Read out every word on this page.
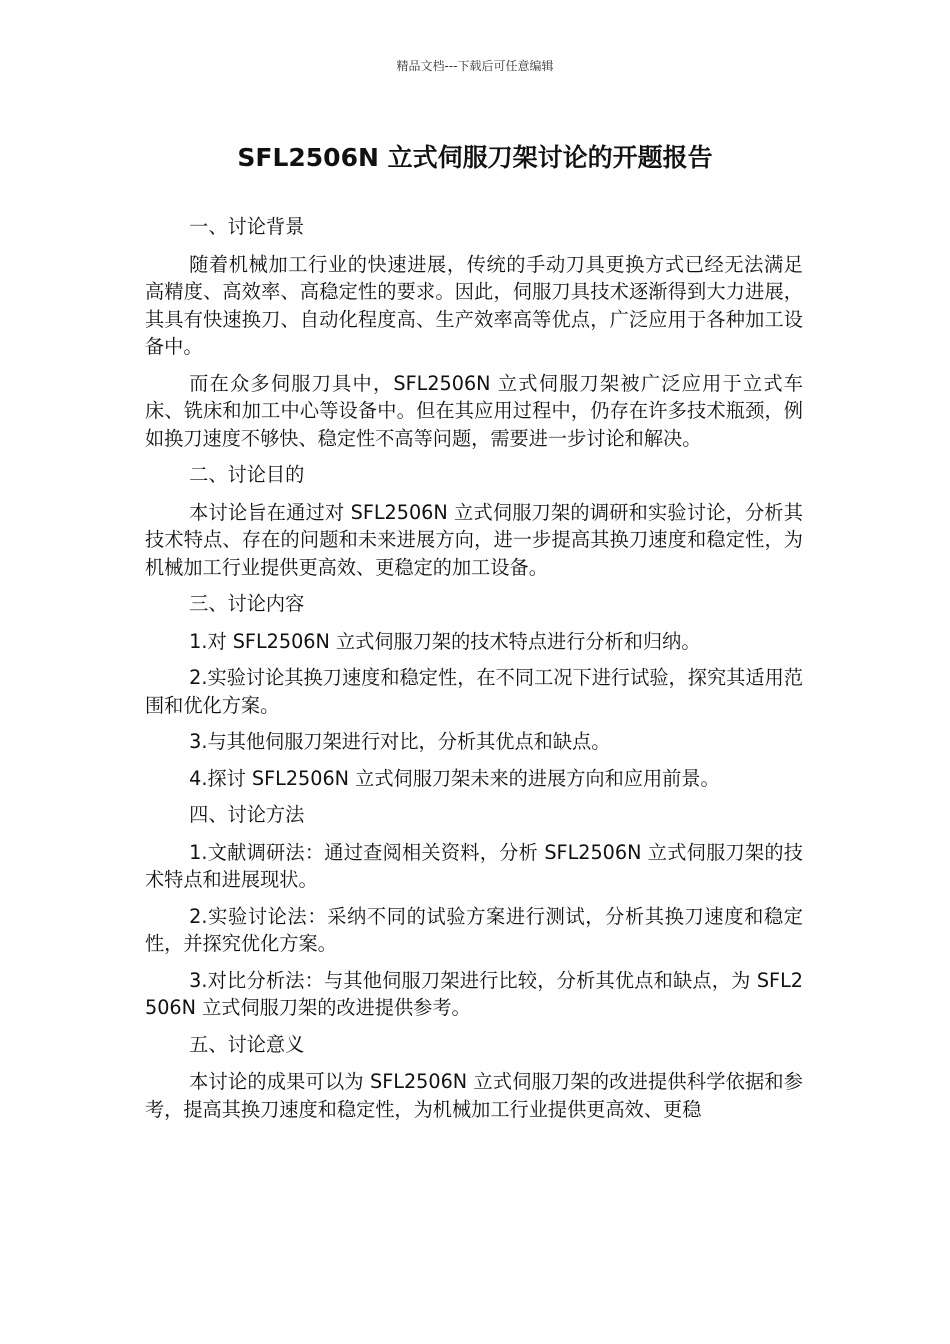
精品文档---下载后可任意编辑
SFL2506N 立式伺服刀架讨论的开题报告

一、讨论背景

随着机械加工行业的快速进展，传统的手动刀具更换方式已经无法满足高精度、高效率、高稳定性的要求。因此，伺服刀具技术逐渐得到大力进展，其具有快速换刀、自动化程度高、生产效率高等优点，广泛应用于各种加工设备中。

而在众多伺服刀具中，SFL2506N 立式伺服刀架被广泛应用于立式车床、铣床和加工中心等设备中。但在其应用过程中，仍存在许多技术瓶颈，例如换刀速度不够快、稳定性不高等问题，需要进一步讨论和解决。

二、讨论目的

本讨论旨在通过对 SFL2506N 立式伺服刀架的调研和实验讨论，分析其技术特点、存在的问题和未来进展方向，进一步提高其换刀速度和稳定性，为机械加工行业提供更高效、更稳定的加工设备。

三、讨论内容

1.对 SFL2506N 立式伺服刀架的技术特点进行分析和归纳。

2.实验讨论其换刀速度和稳定性，在不同工况下进行试验，探究其适用范围和优化方案。

3.与其他伺服刀架进行对比，分析其优点和缺点。

4.探讨 SFL2506N 立式伺服刀架未来的进展方向和应用前景。

四、讨论方法

1.文献调研法：通过查阅相关资料，分析 SFL2506N 立式伺服刀架的技术特点和进展现状。

2.实验讨论法：采纳不同的试验方案进行测试，分析其换刀速度和稳定性，并探究优化方案。

3.对比分析法：与其他伺服刀架进行比较，分析其优点和缺点，为 SFL2506N 立式伺服刀架的改进提供参考。

五、讨论意义

本讨论的成果可以为 SFL2506N 立式伺服刀架的改进提供科学依据和参考，提高其换刀速度和稳定性，为机械加工行业提供更高效、更稳
